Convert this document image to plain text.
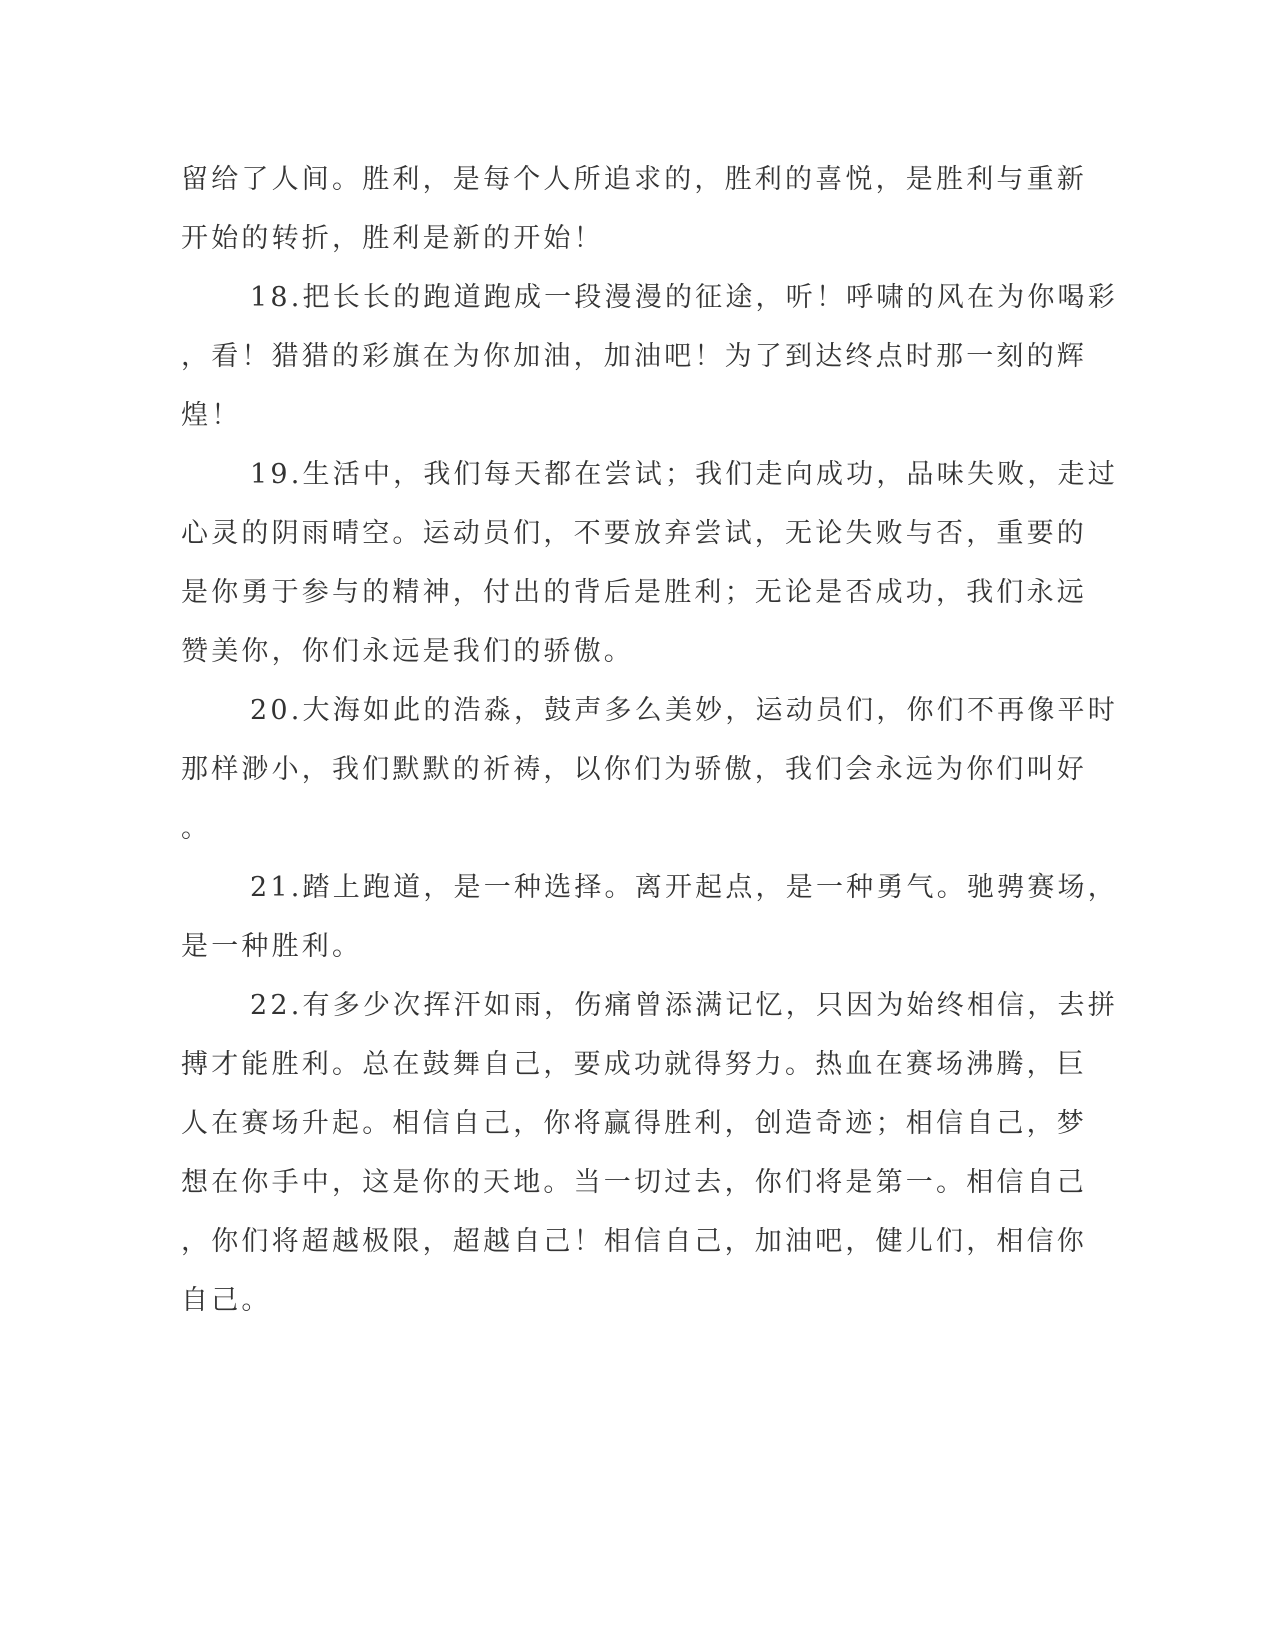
留给了人间。胜利，是每个人所追求的，胜利的喜悦，是胜利与重新
开始的转折，胜利是新的开始！
18.把长长的跑道跑成一段漫漫的征途，听！呼啸的风在为你喝彩
，看！猎猎的彩旗在为你加油，加油吧！为了到达终点时那一刻的辉
煌！
19.生活中，我们每天都在尝试；我们走向成功，品味失败，走过
心灵的阴雨晴空。运动员们，不要放弃尝试，无论失败与否，重要的
是你勇于参与的精神，付出的背后是胜利；无论是否成功，我们永远
赞美你，你们永远是我们的骄傲。
20.大海如此的浩淼，鼓声多么美妙，运动员们，你们不再像平时
那样渺小，我们默默的祈祷，以你们为骄傲，我们会永远为你们叫好
。
21.踏上跑道，是一种选择。离开起点，是一种勇气。驰骋赛场，
是一种胜利。
22.有多少次挥汗如雨，伤痛曾添满记忆，只因为始终相信，去拼
搏才能胜利。总在鼓舞自己，要成功就得努力。热血在赛场沸腾，巨
人在赛场升起。相信自己，你将赢得胜利，创造奇迹；相信自己，梦
想在你手中，这是你的天地。当一切过去，你们将是第一。相信自己
，你们将超越极限，超越自己！相信自己，加油吧，健儿们，相信你
自己。
